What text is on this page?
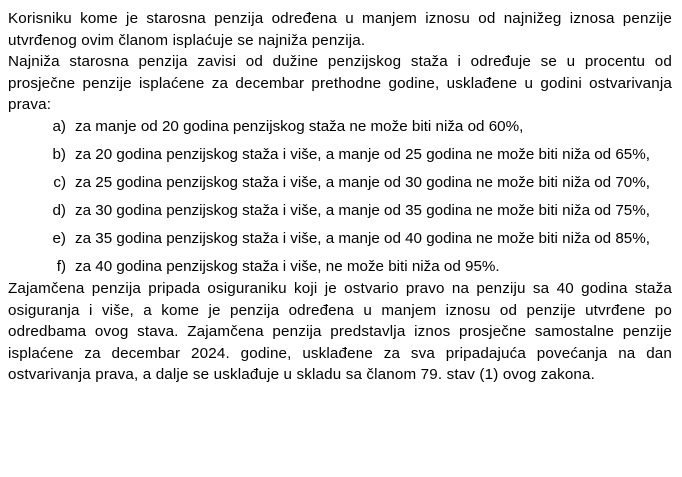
Korisniku kome je starosna penzija određena u manjem iznosu od najnižeg iznosa penzije utvrđenog ovim članom isplaćuje se najniža penzija.

Najniža starosna penzija zavisi od dužine penzijskog staža i određuje se u procentu od prosječne penzije isplaćene za decembar prethodne godine, usklađene u godini ostvarivanja prava:

a) za manje od 20 godina penzijskog staža ne može biti niža od 60%,
b) za 20 godina penzijskog staža i više, a manje od 25 godina ne može biti niža od 65%,
c) za 25 godina penzijskog staža i više, a manje od 30 godina ne može biti niža od 70%,
d) za 30 godina penzijskog staža i više, a manje od 35 godina ne može biti niža od 75%,
e) za 35 godina penzijskog staža i više, a manje od 40 godina ne može biti niža od 85%,
f) za 40 godina penzijskog staža i više, ne može biti niža od 95%.

Zajamčena penzija pripada osiguraniku koji je ostvario pravo na penziju sa 40 godina staža osiguranja i više, a kome je penzija određena u manjem iznosu od penzije utvrđene po odredbama ovog stava. Zajamčena penzija predstavlja iznos prosječne samostalne penzije isplaćene za decembar 2024. godine, usklađene za sva pripadajuća povećanja na dan ostvarivanja prava, a dalje se usklađuje u skladu sa članom 79. stav (1) ovog zakona.
